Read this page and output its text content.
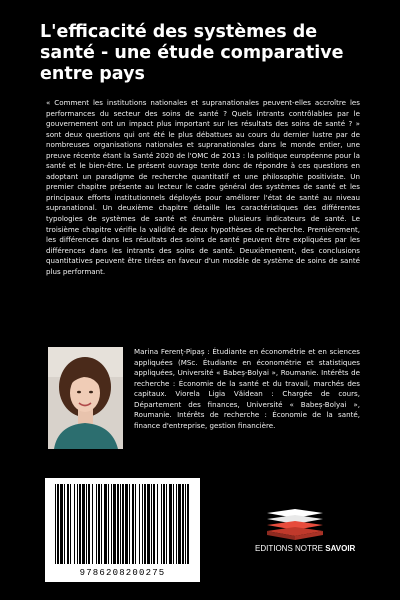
L'efficacité des systèmes de santé - une étude comparative entre pays

« Comment les institutions nationales et supranationales peuvent-elles accroître les performances du secteur des soins de santé ? Quels intrants contrôlables par le gouvernement ont un impact plus important sur les résultats des soins de santé ? » sont deux questions qui ont été le plus débattues au cours du dernier lustre par de nombreuses organisations nationales et supranationales dans le monde entier, une preuve récente étant la Santé 2020 de l'OMC de 2013 : la politique européenne pour la santé et le bien-être. Le présent ouvrage tente donc de répondre à ces questions en adoptant un paradigme de recherche quantitatif et une philosophie positiviste. Un premier chapitre présente au lecteur le cadre général des systèmes de santé et les principaux efforts institutionnels déployés pour améliorer l'état de santé au niveau supranational. Un deuxième chapitre détaille les caractéristiques des différentes typologies de systèmes de santé et énumère plusieurs indicateurs de santé. Le troisième chapitre vérifie la validité de deux hypothèses de recherche. Premièrement, les différences dans les résultats des soins de santé peuvent être expliquées par les différences dans les intrants des soins de santé. Deuxièmement, des conclusions quantitatives peuvent être tirées en faveur d'un modèle de système de soins de santé plus performant.

Marina Ferenț-Pipaș : Étudiante en économétrie et en sciences appliquées (MSc. Étudiante en économétrie et statistiques appliquées, Université « Babeș-Bolyai », Roumanie. Intérêts de recherche : Économie de la santé et du travail, marchés des capitaux. Viorela Ligia Văidean : Chargée de cours, Département des finances, Université « Babeș-Bolyai », Roumanie. Intérêts de recherche : Économie de la santé, finance d'entreprise, gestion financière.

9786208200275
EDITIONS NOTRE SAVOIR
